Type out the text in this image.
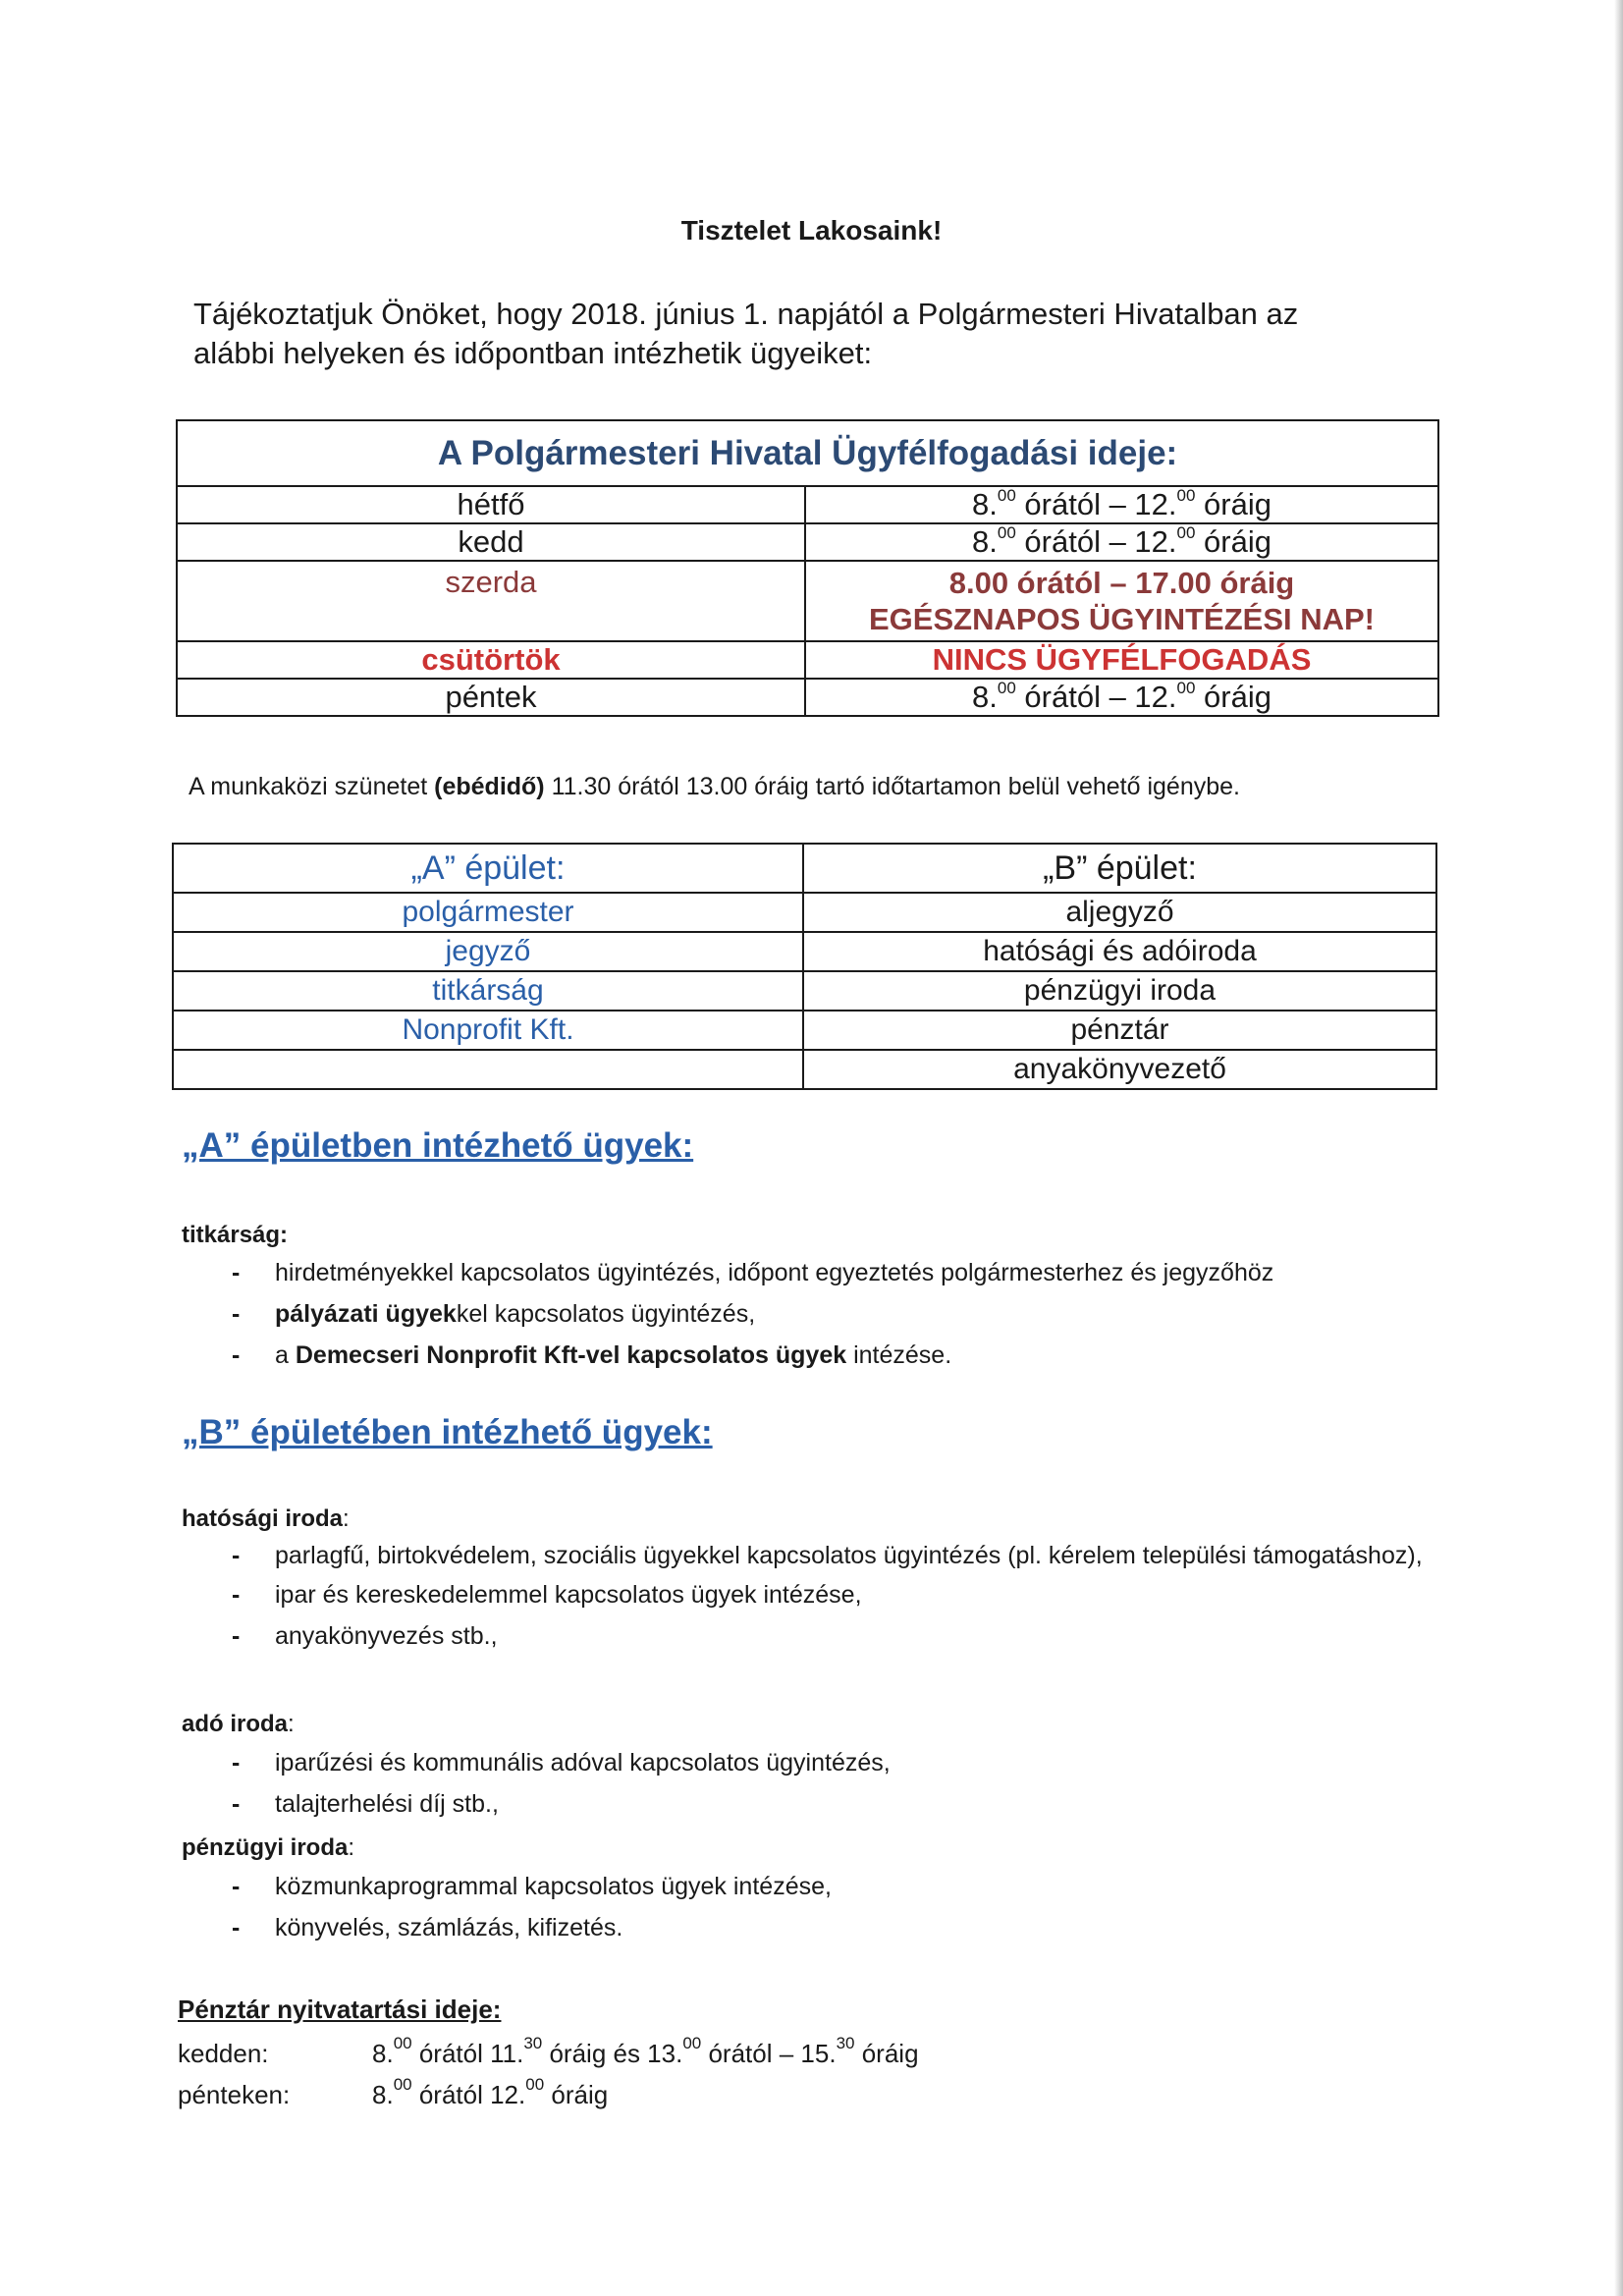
Tisztelet Lakosaink!
Tájékoztatjuk Önöket, hogy 2018. június 1. napjától a Polgármesteri Hivatalban az
alábbi helyeken és időpontban intézhetik ügyeiket:
A Polgármesteri Hivatal Ügyfélfogadási ideje:	
hétfő	8.00 órától – 12.00 óráig
kedd	8.00 órától – 12.00 óráig
szerda	8.00 órától – 17.00 óráig
EGÉSZNAPOS ÜGYINTÉZÉSI NAP!

csütörtök	NINCS ÜGYFÉLFOGADÁS
péntek	8.00 órától – 12.00 óráig
A munkaközi szünetet (ebédidő) 11.30 órától 13.00 óráig tartó időtartamon belül vehető igénybe.
„A” épület:	„B” épület:
polgármester	aljegyző
jegyző	hatósági és adóiroda
titkárság	pénzügyi iroda
Nonprofit Kft.	pénztár
	anyakönyvezető
„A” épületben intézhető ügyek:
titkárság:
- hirdetményekkel kapcsolatos ügyintézés, időpont egyeztetés polgármesterhez és jegyzőhöz
- pályázati ügyekkel kapcsolatos ügyintézés,
- a Demecseri Nonprofit Kft-vel kapcsolatos ügyek intézése.
„B” épületében intézhető ügyek:
hatósági iroda:
- parlagfű, birtokvédelem, szociális ügyekkel kapcsolatos ügyintézés (pl. kérelem települési támogatáshoz),
- ipar és kereskedelemmel kapcsolatos ügyek intézése,
- anyakönyvezés stb.,
adó iroda:
- iparűzési és kommunális adóval kapcsolatos ügyintézés,
- talajterhelési díj stb.,
pénzügyi iroda:
- közmunkaprogrammal kapcsolatos ügyek intézése,
- könyvelés, számlázás, kifizetés.
Pénztár nyitvatartási ideje:
kedden:	8.00 órától 11.30 óráig és 13.00 órától – 15.30 óráig
pénteken:	8.00 órától 12.00 óráig
